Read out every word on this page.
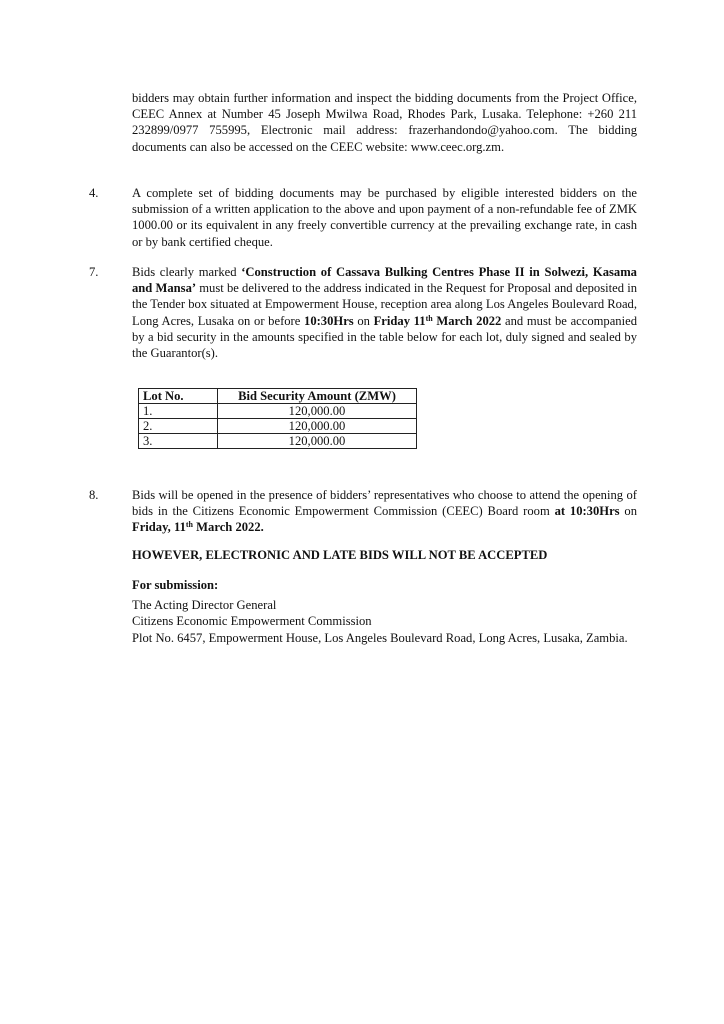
bidders may obtain further information and inspect the bidding documents from the Project Office, CEEC Annex at Number 45 Joseph Mwilwa Road, Rhodes Park, Lusaka. Telephone: +260 211 232899/0977 755995, Electronic mail address: frazerhandondo@yahoo.com. The bidding documents can also be accessed on the CEEC website: www.ceec.org.zm.

4.	A complete set of bidding documents may be purchased by eligible interested bidders on the submission of a written application to the above and upon payment of a non-refundable fee of ZMK 1000.00 or its equivalent in any freely convertible currency at the prevailing exchange rate, in cash or by bank certified cheque.

7.	Bids clearly marked ‘Construction of Cassava Bulking Centres Phase II in Solwezi, Kasama and Mansa’ must be delivered to the address indicated in the Request for Proposal and deposited in the Tender box situated at Empowerment House, reception area along Los Angeles Boulevard Road, Long Acres, Lusaka on or before 10:30Hrs on Friday 11th March 2022 and must be accompanied by a bid security in the amounts specified in the table below for each lot, duly signed and sealed by the Guarantor(s).

Lot No.	Bid Security Amount (ZMW)
1.	120,000.00
2.	120,000.00
3.	120,000.00

8.	Bids will be opened in the presence of bidders’ representatives who choose to attend the opening of bids in the Citizens Economic Empowerment Commission (CEEC) Board room at 10:30Hrs on Friday, 11th March 2022.

HOWEVER, ELECTRONIC AND LATE BIDS WILL NOT BE ACCEPTED

For submission:
The Acting Director General
Citizens Economic Empowerment Commission
Plot No. 6457, Empowerment House, Los Angeles Boulevard Road, Long Acres, Lusaka, Zambia.
